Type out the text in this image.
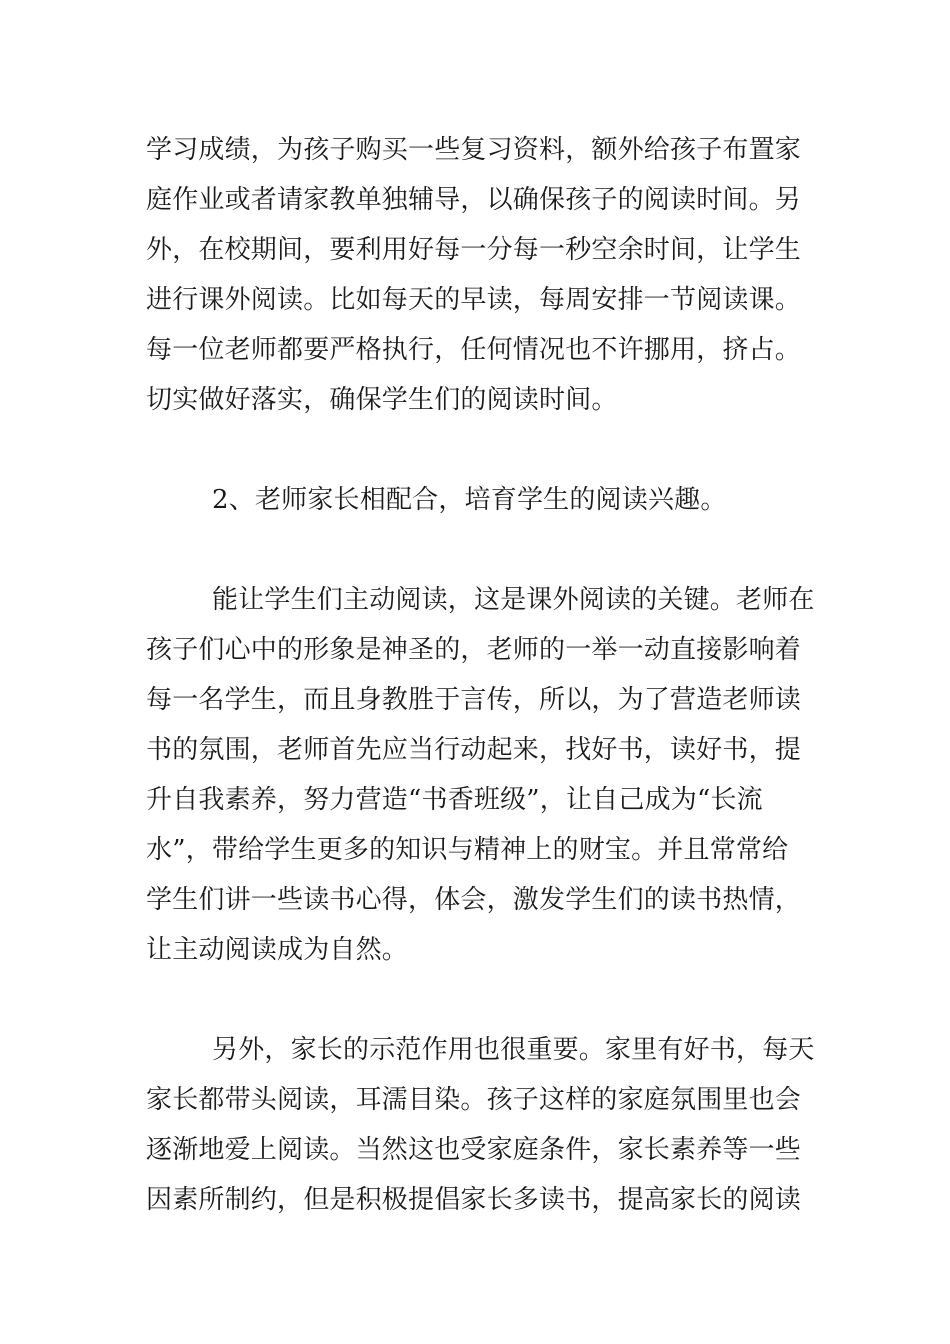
学习成绩，为孩子购买一些复习资料，额外给孩子布置家
庭作业或者请家教单独辅导，以确保孩子的阅读时间。另
外，在校期间，要利用好每一分每一秒空余时间，让学生
进行课外阅读。比如每天的早读，每周安排一节阅读课。
每一位老师都要严格执行，任何情况也不许挪用，挤占。
切实做好落实，确保学生们的阅读时间。
2、老师家长相配合，培育学生的阅读兴趣。
能让学生们主动阅读，这是课外阅读的关键。老师在
孩子们心中的形象是神圣的，老师的一举一动直接影响着
每一名学生，而且身教胜于言传，所以，为了营造老师读
书的氛围，老师首先应当行动起来，找好书，读好书，提
升自我素养，努力营造“书香班级”，让自己成为“长流
水”，带给学生更多的知识与精神上的财宝。并且常常给
学生们讲一些读书心得，体会，激发学生们的读书热情，
让主动阅读成为自然。
另外，家长的示范作用也很重要。家里有好书，每天
家长都带头阅读，耳濡目染。孩子这样的家庭氛围里也会
逐渐地爱上阅读。当然这也受家庭条件，家长素养等一些
因素所制约，但是积极提倡家长多读书，提高家长的阅读
